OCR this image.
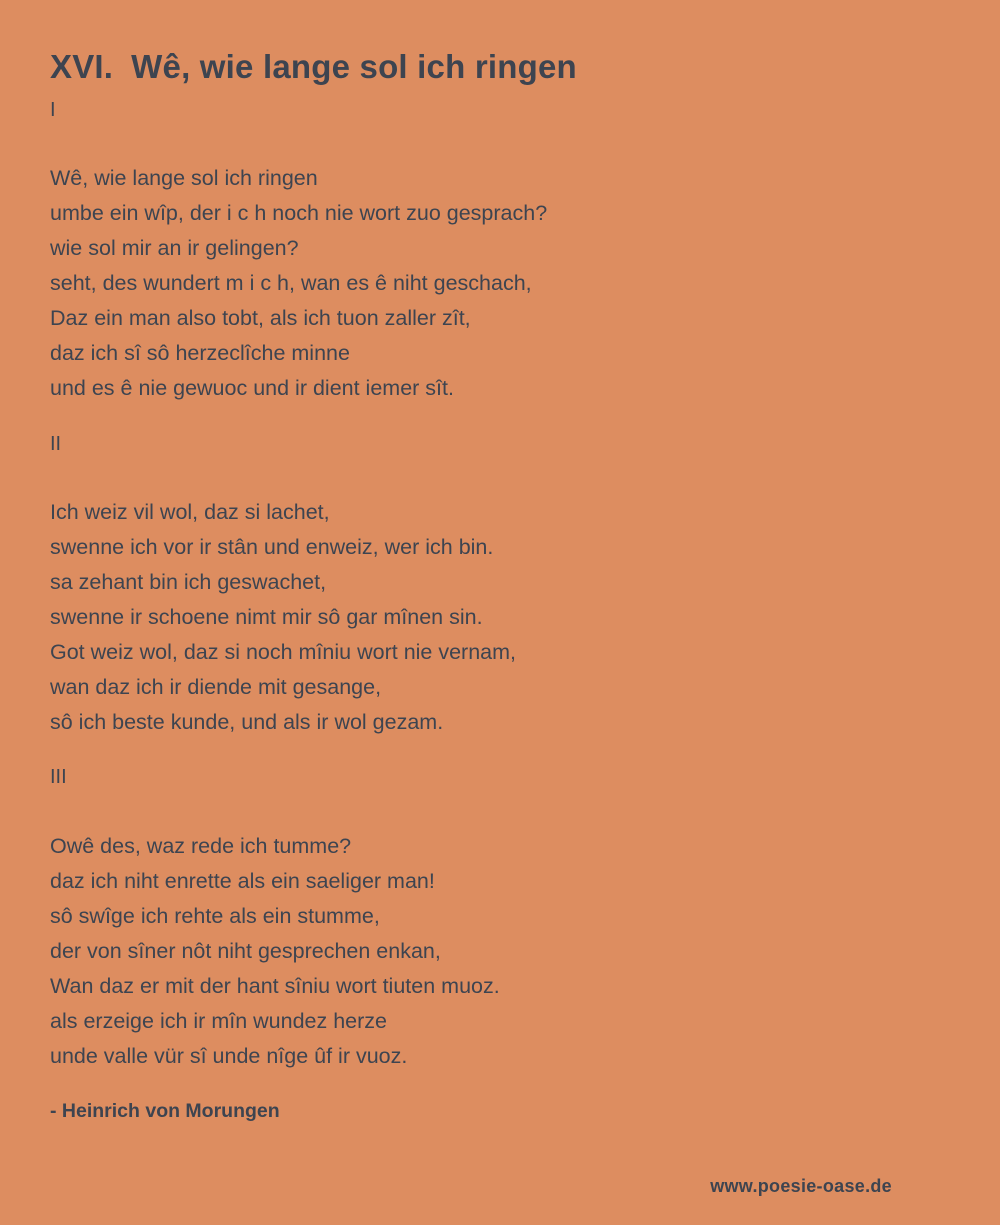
XVI. Wê, wie lange sol ich ringen
I
Wê, wie lange sol ich ringen
umbe ein wîp, der i c h noch nie wort zuo gesprach?
wie sol mir an ir gelingen?
seht, des wundert m i c h, wan es ê niht geschach,
Daz ein man also tobt, als ich tuon zaller zît,
daz ich sî sô herzeclîche minne
und es ê nie gewuoc und ir dient iemer sît.
II
Ich weiz vil wol, daz si lachet,
swenne ich vor ir stân und enweiz, wer ich bin.
sa zehant bin ich geswachet,
swenne ir schoene nimt mir sô gar mînen sin.
Got weiz wol, daz si noch mîniu wort nie vernam,
wan daz ich ir diende mit gesange,
sô ich beste kunde, und als ir wol gezam.
III
Owê des, waz rede ich tumme?
daz ich niht enrette als ein saeliger man!
sô swîge ich rehte als ein stumme,
der von sîner nôt niht gesprechen enkan,
Wan daz er mit der hant sîniu wort tiuten muoz.
als erzeige ich ir mîn wundez herze
unde valle vür sî unde nîge ûf ir vuoz.
- Heinrich von Morungen
www.poesie-oase.de
